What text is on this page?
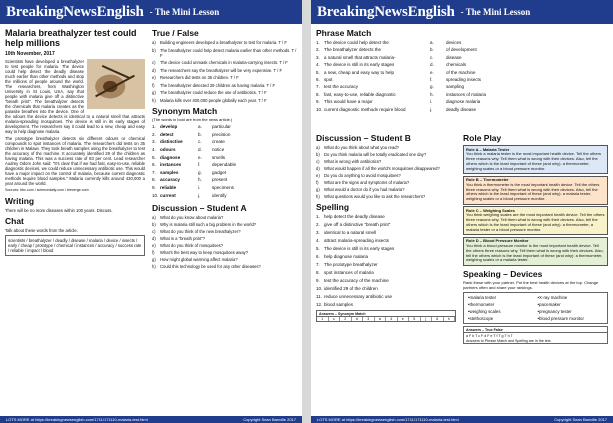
BreakingNewsEnglish - The Mini Lesson

Malaria breathalyzer test could help millions

10th November, 2017

Scientists have developed a breathalyzer to test people for malaria. The device could help detect the deadly disease much earlier than other methods and stop the millions of people around the world. The researchers, from Washington University in St Louis, USA, say that people with malaria give off a distinctive "breath print". The breathalyzer detects the chemicals that malaria creates as the parasite breathes into the device. One of the odours the device detects is identical to a natural smell that attracts malaria-spreading mosquitoes. The device is still in its early stages of development. The researchers say it could lead to a new, cheap and easy way to help diagnose malaria.

The prototype breathalyzer detects six different odours or chemical compounds to spot instances of malaria. The researchers did tests on 35 children in Malawi. They took breath samples using the breathalyzer to test the accuracy of the machine. It accurately identified 29 of the children as having malaria. This was a success rate of 83 per cent. Lead researcher Audrey Odom John said: "It's clear that if we had fast, easy-to-use, reliable diagnostic devices, we could reduce unnecessary antibiotic use. This would have a major impact on the control of malaria, because current diagnostic methods require blood samples." Malaria currently kills around 430,000 a year around the world.

Sources: bbc.com / sciencedaily.com / theverge.com

Writing

There will be no more diseases within 100 years. Discuss.

Chat

Talk about these words from the article.

scientists / breathalyzer / deadly / disease / malaria / device / insects / early / cheap / prototype / chemical / instances / accuracy / success rate / reliable / impact / blood
True / False
a)	Building engineers developed a breathalyzer to test for malaria. T / F
b)	The breathalyzer could help detect malaria earlier than other methods. T / F
c)	The device could unmask chemicals in malaria-carrying insects. T / F
d)	The researchers say the breathalyzer will be very expensive. T / F
e)	Researchers did tests on 35 children. T / F
f)	The breathalyzer detected 29 children as having malaria. T / F
g)	The breathalyzer could reduce the use of antibiotics. T / F
h)	Malaria kills over 400,000 people globally each year. T / F
Synonym Match

(The words in bold are from the news article.)

1. develop	a.	particular
2. detect	b.	precision
3. distinctive	c.	create
4. odours	d.	notice
5. diagnose	e.	smells
6. instances	f.	dependable
7. samples	g.	gadget
8. accuracy	h.	present
9. reliable	i.	specimens
10. current	j.	identify
Discussion – Student A
a)	What do you know about malaria?
b)	Why is malaria still such a big problem in the world?
c)	What do you think of the new breathalyzer?
d)	What is a "breath print"?
e)	What do you think of mosquitoes?
f)	What's the best way to keep mosquitoes away?
g)	How might global warming affect malaria?
h)	Could this technology be used for any other diseases?
LOTS MORE at https://breakingnewsenglish.com/1711/171110-malaria-test.html	Copyright Sean Banville 2017
BreakingNewsEnglish - The Mini Lesson
Phrase Match
1. The device could help detect the	a.	devices
2. The breathalyzer detects the	b.	of development
3. a natural smell that attracts malaria-	c.	disease
4. The device is still in its early stages	d.	chemicals
5. a new, cheap and easy way to help	e.	of the machine
6. spot	f.	spreading insects
7. test the accuracy	g.	sampling
8. fast, easy-to-use, reliable diagnostic	h.	instances of malaria
9. This would have a major	i.	diagnose malaria
10. current diagnostic methods require blood	j.	deadly disease
Discussion – Student B
a)	What do you think about what you read?
b)	Do you think malaria will be totally eradicated one day?
c)	What is wrong with antibiotics?
d)	What would happen if all the world's mosquitoes disappeared?
e)	Do you do anything to avoid mosquitoes?
f)	What are the signs and symptoms of malaria?
g)	What would a doctor do if you had malaria?
h)	What questions would you like to ask the researchers?
Spelling
1. help detect the deadly disease
2. give off a distinctive "breath print"
3. identical to a natural smell
4. attract malaria-spreading insects
5. The device is still in its early stages
6. help diagnose malaria
7. The prototype breathalyzer
8. spot instances of malaria
9. test the accuracy of the machine
10. identified 29 of the children
11. reduce unnecessary antibiotic use
12. blood samples
Answers – Synonym Match
1	c	2	d	3	a	4	e	5	j	6	h
Role Play
Role A – Malaria Tester
You think a malaria tester is the most important health device. Tell the others three reasons why. Tell them what is wrong with their devices. Also, tell the others which is the least important of these (and why): a thermometer, weighing scales or a blood pressure monitor.
Role B – Thermometer
You think a thermometer is the most important health device. Tell the others three reasons why. Tell them what is wrong with their devices. Also, tell the others which is the least important of these (and why): a malaria tester, weighing scales or a blood pressure monitor.
Role C – Weighing Scales
You think weighing scales are the most important health device. Tell the others three reasons why. Tell them what is wrong with their devices. Also, tell the others which is the least important of these (and why): a thermometer, a malaria tester or a blood pressure monitor.
Role D – Blood Pressure Monitor
You think a blood pressure monitor is the most important health device. Tell the others three reasons why. Tell them what is wrong with their devices. Also, tell the others which is the least important of these (and why): a thermometer, weighing scales or a malaria tester.
Speaking – Devices

Rank these with your partner. Put the best health devices at the top. Change partners often and share your rankings.

• malaria tester	• X-ray machine
• thermometer	• pacemaker
• weighing scales	• pregnancy tester
• stethoscope	• blood pressure monitor
Answers – True False
a F b T c F d F e T f T g T h T
Answers to Phrase Match and Spelling are in the text.
LOTS MORE at https://breakingnewsenglish.com/1711/171110-malaria-test.html	Copyright Sean Banville 2017
